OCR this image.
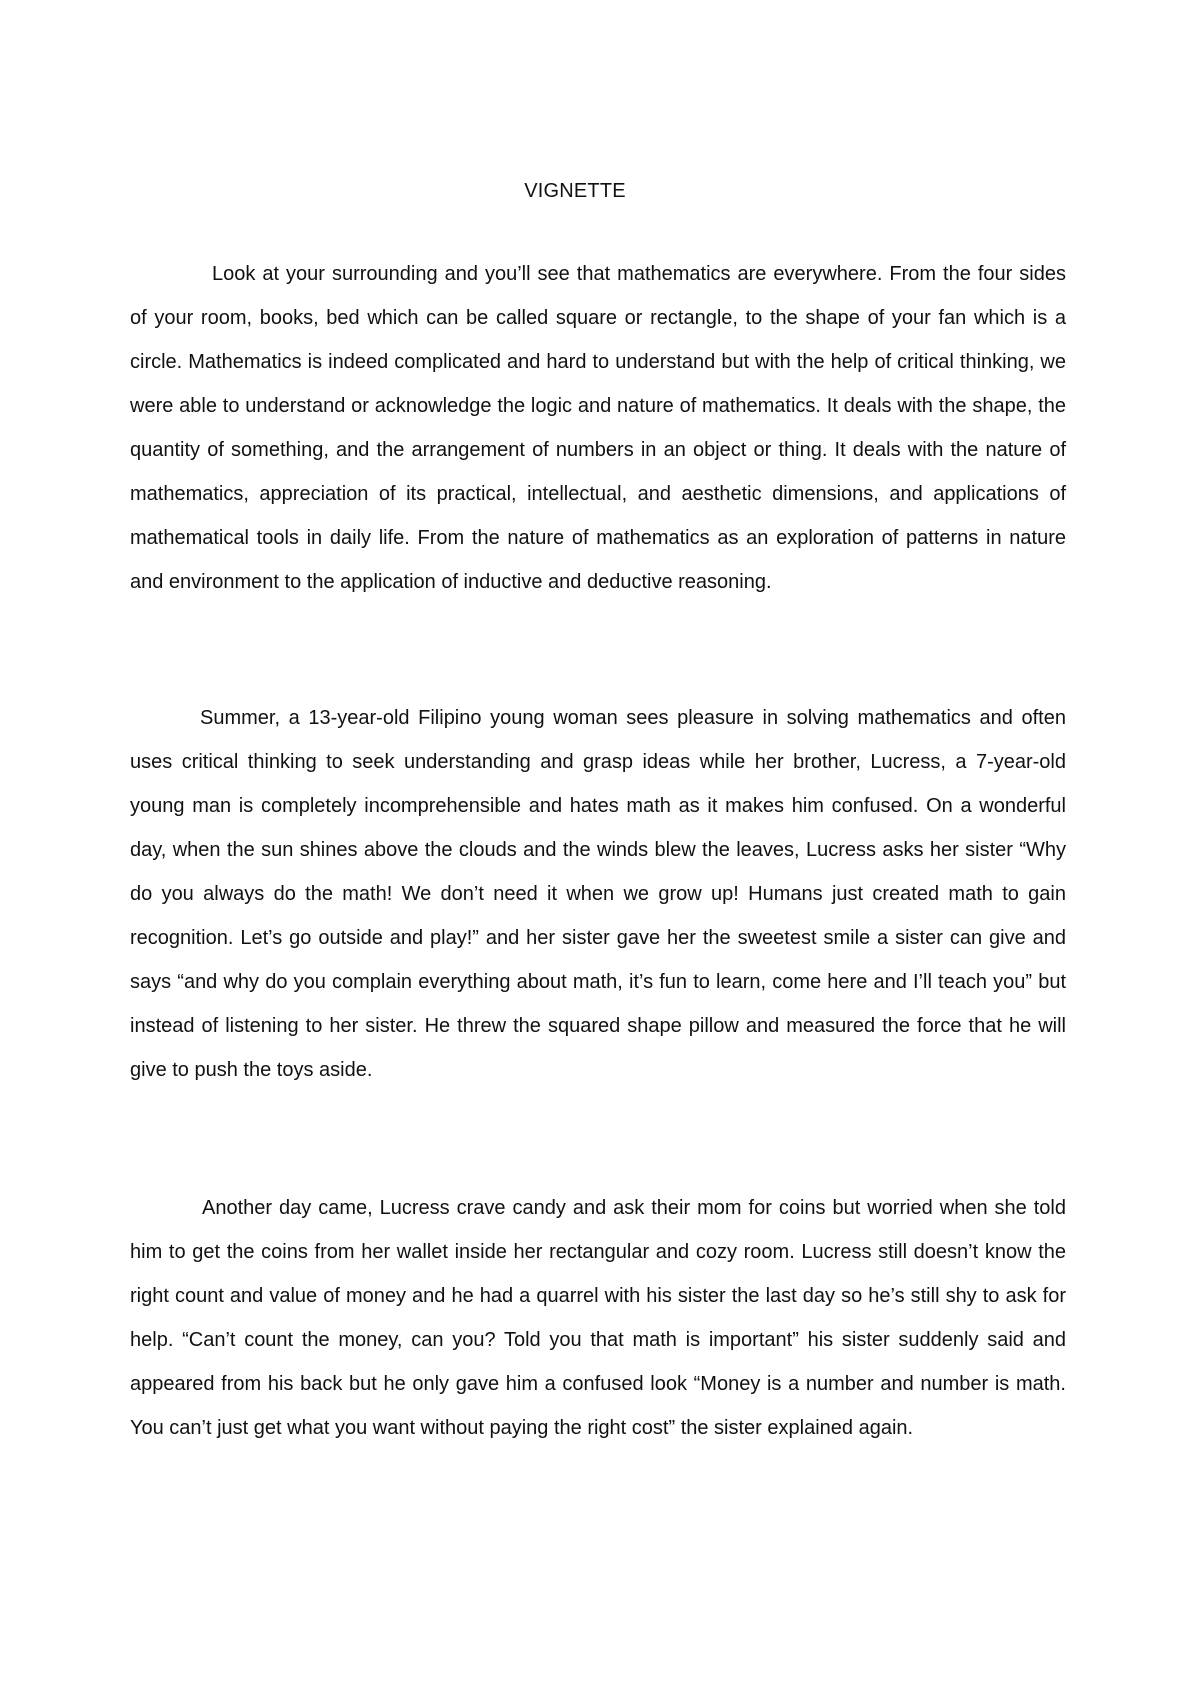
VIGNETTE

Look at your surrounding and you’ll see that mathematics are everywhere. From the four sides of your room, books, bed which can be called square or rectangle, to the shape of your fan which is a circle. Mathematics is indeed complicated and hard to understand but with the help of critical thinking, we were able to understand or acknowledge the logic and nature of mathematics. It deals with the shape, the quantity of something, and the arrangement of numbers in an object or thing. It deals with the nature of mathematics, appreciation of its practical, intellectual, and aesthetic dimensions, and applications of mathematical tools in daily life. From the nature of mathematics as an exploration of patterns in nature and environment to the application of inductive and deductive reasoning.

Summer, a 13-year-old Filipino young woman sees pleasure in solving mathematics and often uses critical thinking to seek understanding and grasp ideas while her brother, Lucress, a 7-year-old young man is completely incomprehensible and hates math as it makes him confused. On a wonderful day, when the sun shines above the clouds and the winds blew the leaves, Lucress asks her sister “Why do you always do the math! We don’t need it when we grow up! Humans just created math to gain recognition. Let’s go outside and play!” and her sister gave her the sweetest smile a sister can give and says “and why do you complain everything about math, it’s fun to learn, come here and I’ll teach you” but instead of listening to her sister. He threw the squared shape pillow and measured the force that he will give to push the toys aside.

Another day came, Lucress crave candy and ask their mom for coins but worried when she told him to get the coins from her wallet inside her rectangular and cozy room. Lucress still doesn’t know the right count and value of money and he had a quarrel with his sister the last day so he’s still shy to ask for help. “Can’t count the money, can you? Told you that math is important” his sister suddenly said and appeared from his back but he only gave him a confused look “Money is a number and number is math. You can’t just get what you want without paying the right cost” the sister explained again.
